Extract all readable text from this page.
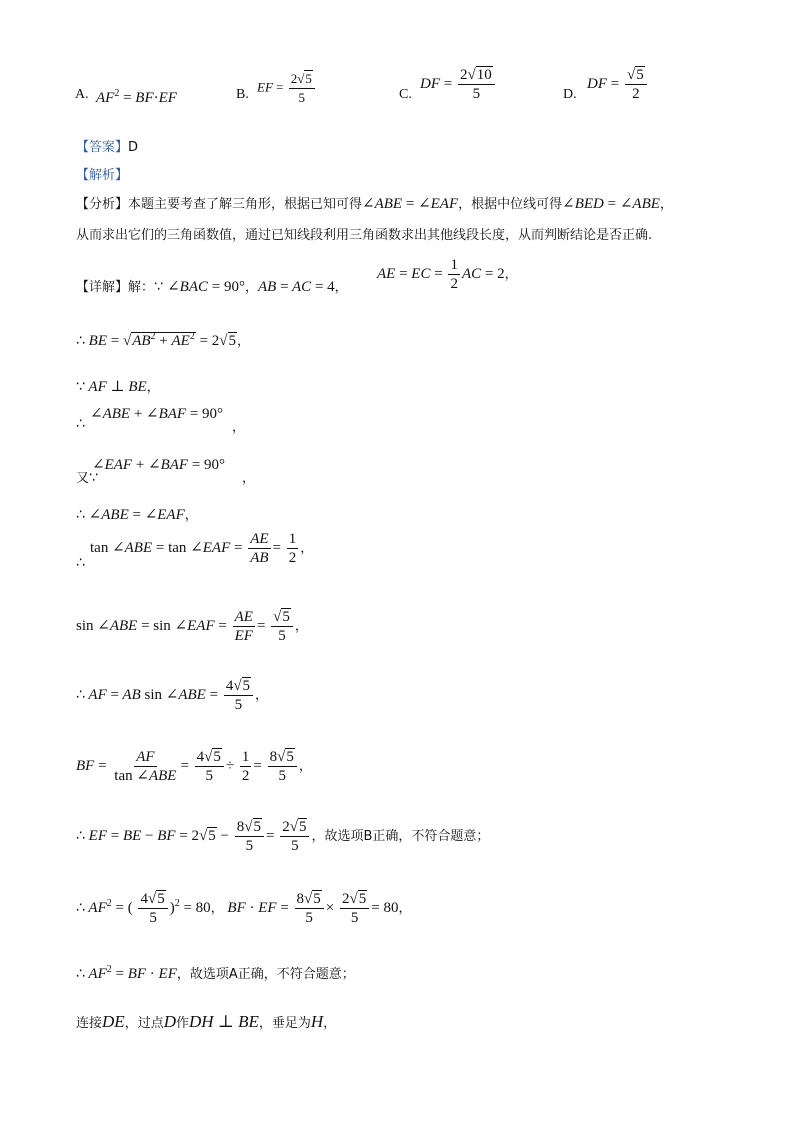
A. $AF^2 = BF\cdot EF$	B.
EF = $\frac{2√5}{5}$	C.
DF = $\frac{2√10}{5}$	D.
DF = $\frac{√5}{2}$
【答案】D
【解析】
【分析】本题主要考查了解三角形，根据已知可得∠ABE = ∠EAF，根据中位线可得∠BED = ∠ABE，
从而求出它们的三角函数值，通过已知线段利用三角函数求出其他线段长度，从而判断结论是否正确.
【详解】解：∵ ∠BAC = 90°，AB = AC = 4，
AE = EC = $\frac{1}{2}$ AC = 2，
∴ BE = $√AB^2 + AE^2 = 2√5$，
∵ AF ⊥ BE，
∠ABE + ∠BAF = 90°
∴	，
∠EAF + ∠BAF = 90°
又∵	，
∴ ∠ABE = ∠EAF，
∴
tan ∠ABE = tan ∠EAF = $\frac{AE}{AB} = \frac{1}{2}$ ，
sin ∠ABE = sin ∠EAF = $\frac{AE}{EF} = \frac{√5}{5}$ ，
∴ AF = AB sin ∠ABE = $\frac{4√5}{5}$ ，
BF = $\frac{AF}{\text{tan ∠ABE}} = \frac{4√5}{5} \div \frac{1}{2} = \frac{8√5}{5}$ ，
∴ EF = BE − BF = $2√5 - \frac{8√5}{5} = \frac{2√5}{5}$ ，故选项B正确，不符合题意；
∴ $AF^2$ = ( $\frac{4√5}{5} )^2 = 80$， BF · EF = $\frac{8√5}{5} \times \frac{2√5}{5} = 80$，
∴ $AF^2$ = BF · EF，故选项A正确，不符合题意；
连接DE，过点D作DH ⊥ BE，垂足为H，
